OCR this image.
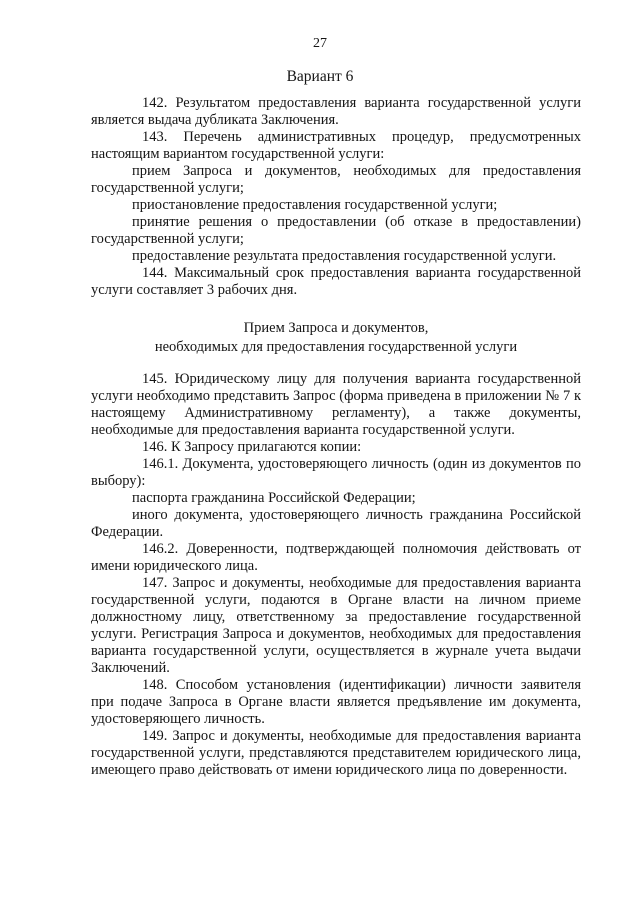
27
Вариант 6

142. Результатом предоставления варианта государственной услуги является выдача дубликата Заключения.

143. Перечень административных процедур, предусмотренных настоящим вариантом государственной услуги:

прием Запроса и документов, необходимых для предоставления государственной услуги;

приостановление предоставления государственной услуги;

принятие решения о предоставлении (об отказе в предоставлении) государственной услуги;

предоставление результата предоставления государственной услуги.

144. Максимальный срок предоставления варианта государственной услуги составляет 3 рабочих дня.

Прием Запроса и документов,
необходимых для предоставления государственной услуги

145. Юридическому лицу для получения варианта государственной услуги необходимо представить Запрос (форма приведена в приложении № 7 к настоящему Административному регламенту), а также документы, необходимые для предоставления варианта государственной услуги.

146. К Запросу прилагаются копии:

146.1. Документа, удостоверяющего личность (один из документов по выбору):

паспорта гражданина Российской Федерации;

иного документа, удостоверяющего личность гражданина Российской Федерации.

146.2. Доверенности, подтверждающей полномочия действовать от имени юридического лица.

147. Запрос и документы, необходимые для предоставления варианта государственной услуги, подаются в Органе власти на личном приеме должностному лицу, ответственному за предоставление государственной услуги. Регистрация Запроса и документов, необходимых для предоставления варианта государственной услуги, осуществляется в журнале учета выдачи Заключений.

148. Способом установления (идентификации) личности заявителя при подаче Запроса в Органе власти является предъявление им документа, удостоверяющего личность.

149. Запрос и документы, необходимые для предоставления варианта государственной услуги, представляются представителем юридического лица, имеющего право действовать от имени юридического лица по доверенности.
